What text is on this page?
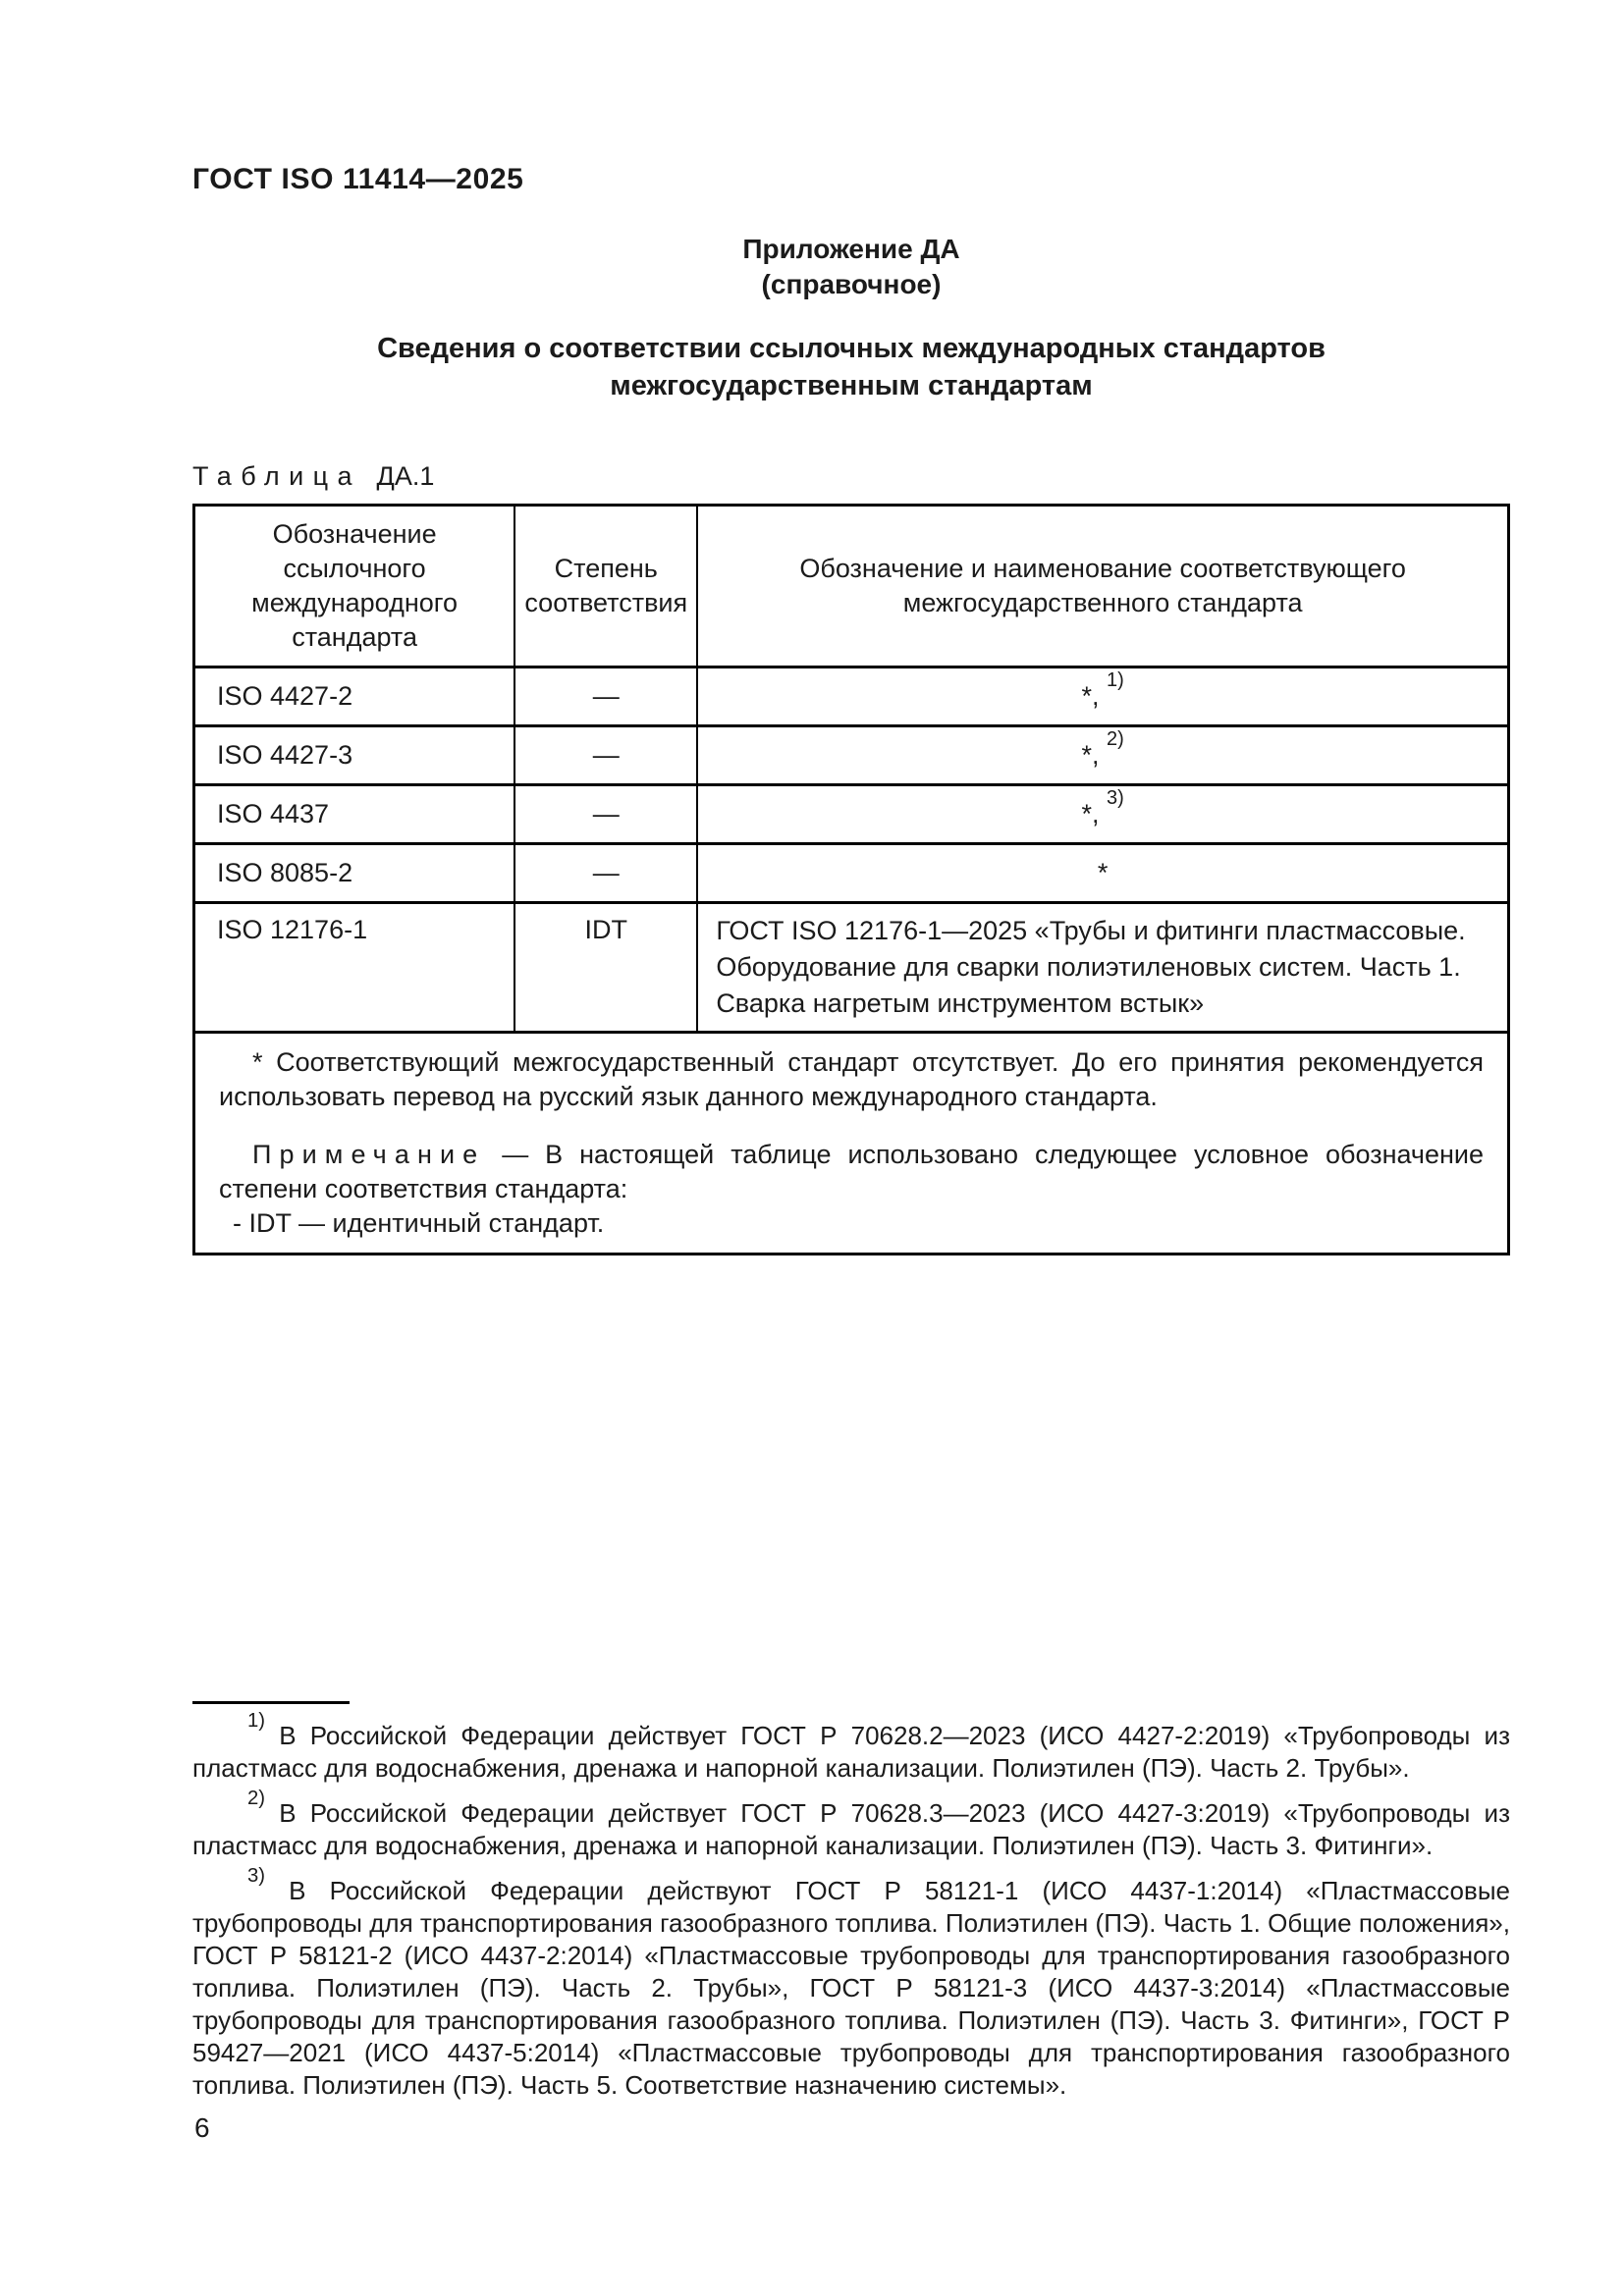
ГОСТ ISO 11414—2025
Приложение ДА
(справочное)
Сведения о соответствии ссылочных международных стандартов
межгосударственным стандартам
Таблица ДА.1
Обозначение ссылочного международного стандарта	Степень соответствия	Обозначение и наименование соответствующего межгосударственного стандарта
ISO 4427-2	—	*, $^{1)}$
ISO 4427-3	—	*, $^{2)}$
ISO 4437	—	*, $^{3)}$
ISO 8085-2	—	*
ISO 12176-1	IDT	ГОСТ ISO 12176-1—2025 «Трубы и фитинги пластмассовые. Оборудование для сварки полиэтиленовых систем. Часть 1. Сварка нагретым инструментом встык»

* Соответствующий межгосударственный стандарт отсутствует. До его принятия рекомендуется использовать перевод на русский язык данного международного стандарта.

Примечание — В настоящей таблице использовано следующее условное обозначение степени соответствия стандарта:

- IDT — идентичный стандарт.		

$^{1)}$ В Российской Федерации действует ГОСТ Р 70628.2—2023 (ИСО 4427-2:2019) «Трубопроводы из пластмасс для водоснабжения, дренажа и напорной канализации. Полиэтилен (ПЭ). Часть 2. Трубы».

$^{2)}$ В Российской Федерации действует ГОСТ Р 70628.3—2023 (ИСО 4427-3:2019) «Трубопроводы из пластмасс для водоснабжения, дренажа и напорной канализации. Полиэтилен (ПЭ). Часть 3. Фитинги».

$^{3)}$ В Российской Федерации действуют ГОСТ Р 58121-1 (ИСО 4437-1:2014) «Пластмассовые трубопроводы для транспортирования газообразного топлива. Полиэтилен (ПЭ). Часть 1. Общие положения», ГОСТ Р 58121-2 (ИСО 4437-2:2014) «Пластмассовые трубопроводы для транспортирования газообразного топлива. Полиэтилен (ПЭ). Часть 2. Трубы», ГОСТ Р 58121-3 (ИСО 4437-3:2014) «Пластмассовые трубопроводы для транспортирования газообразного топлива. Полиэтилен (ПЭ). Часть 3. Фитинги», ГОСТ Р 59427—2021 (ИСО 4437-5:2014) «Пластмассовые трубопроводы для транспортирования газообразного топлива. Полиэтилен (ПЭ). Часть 5. Соответствие назначению системы».

6
